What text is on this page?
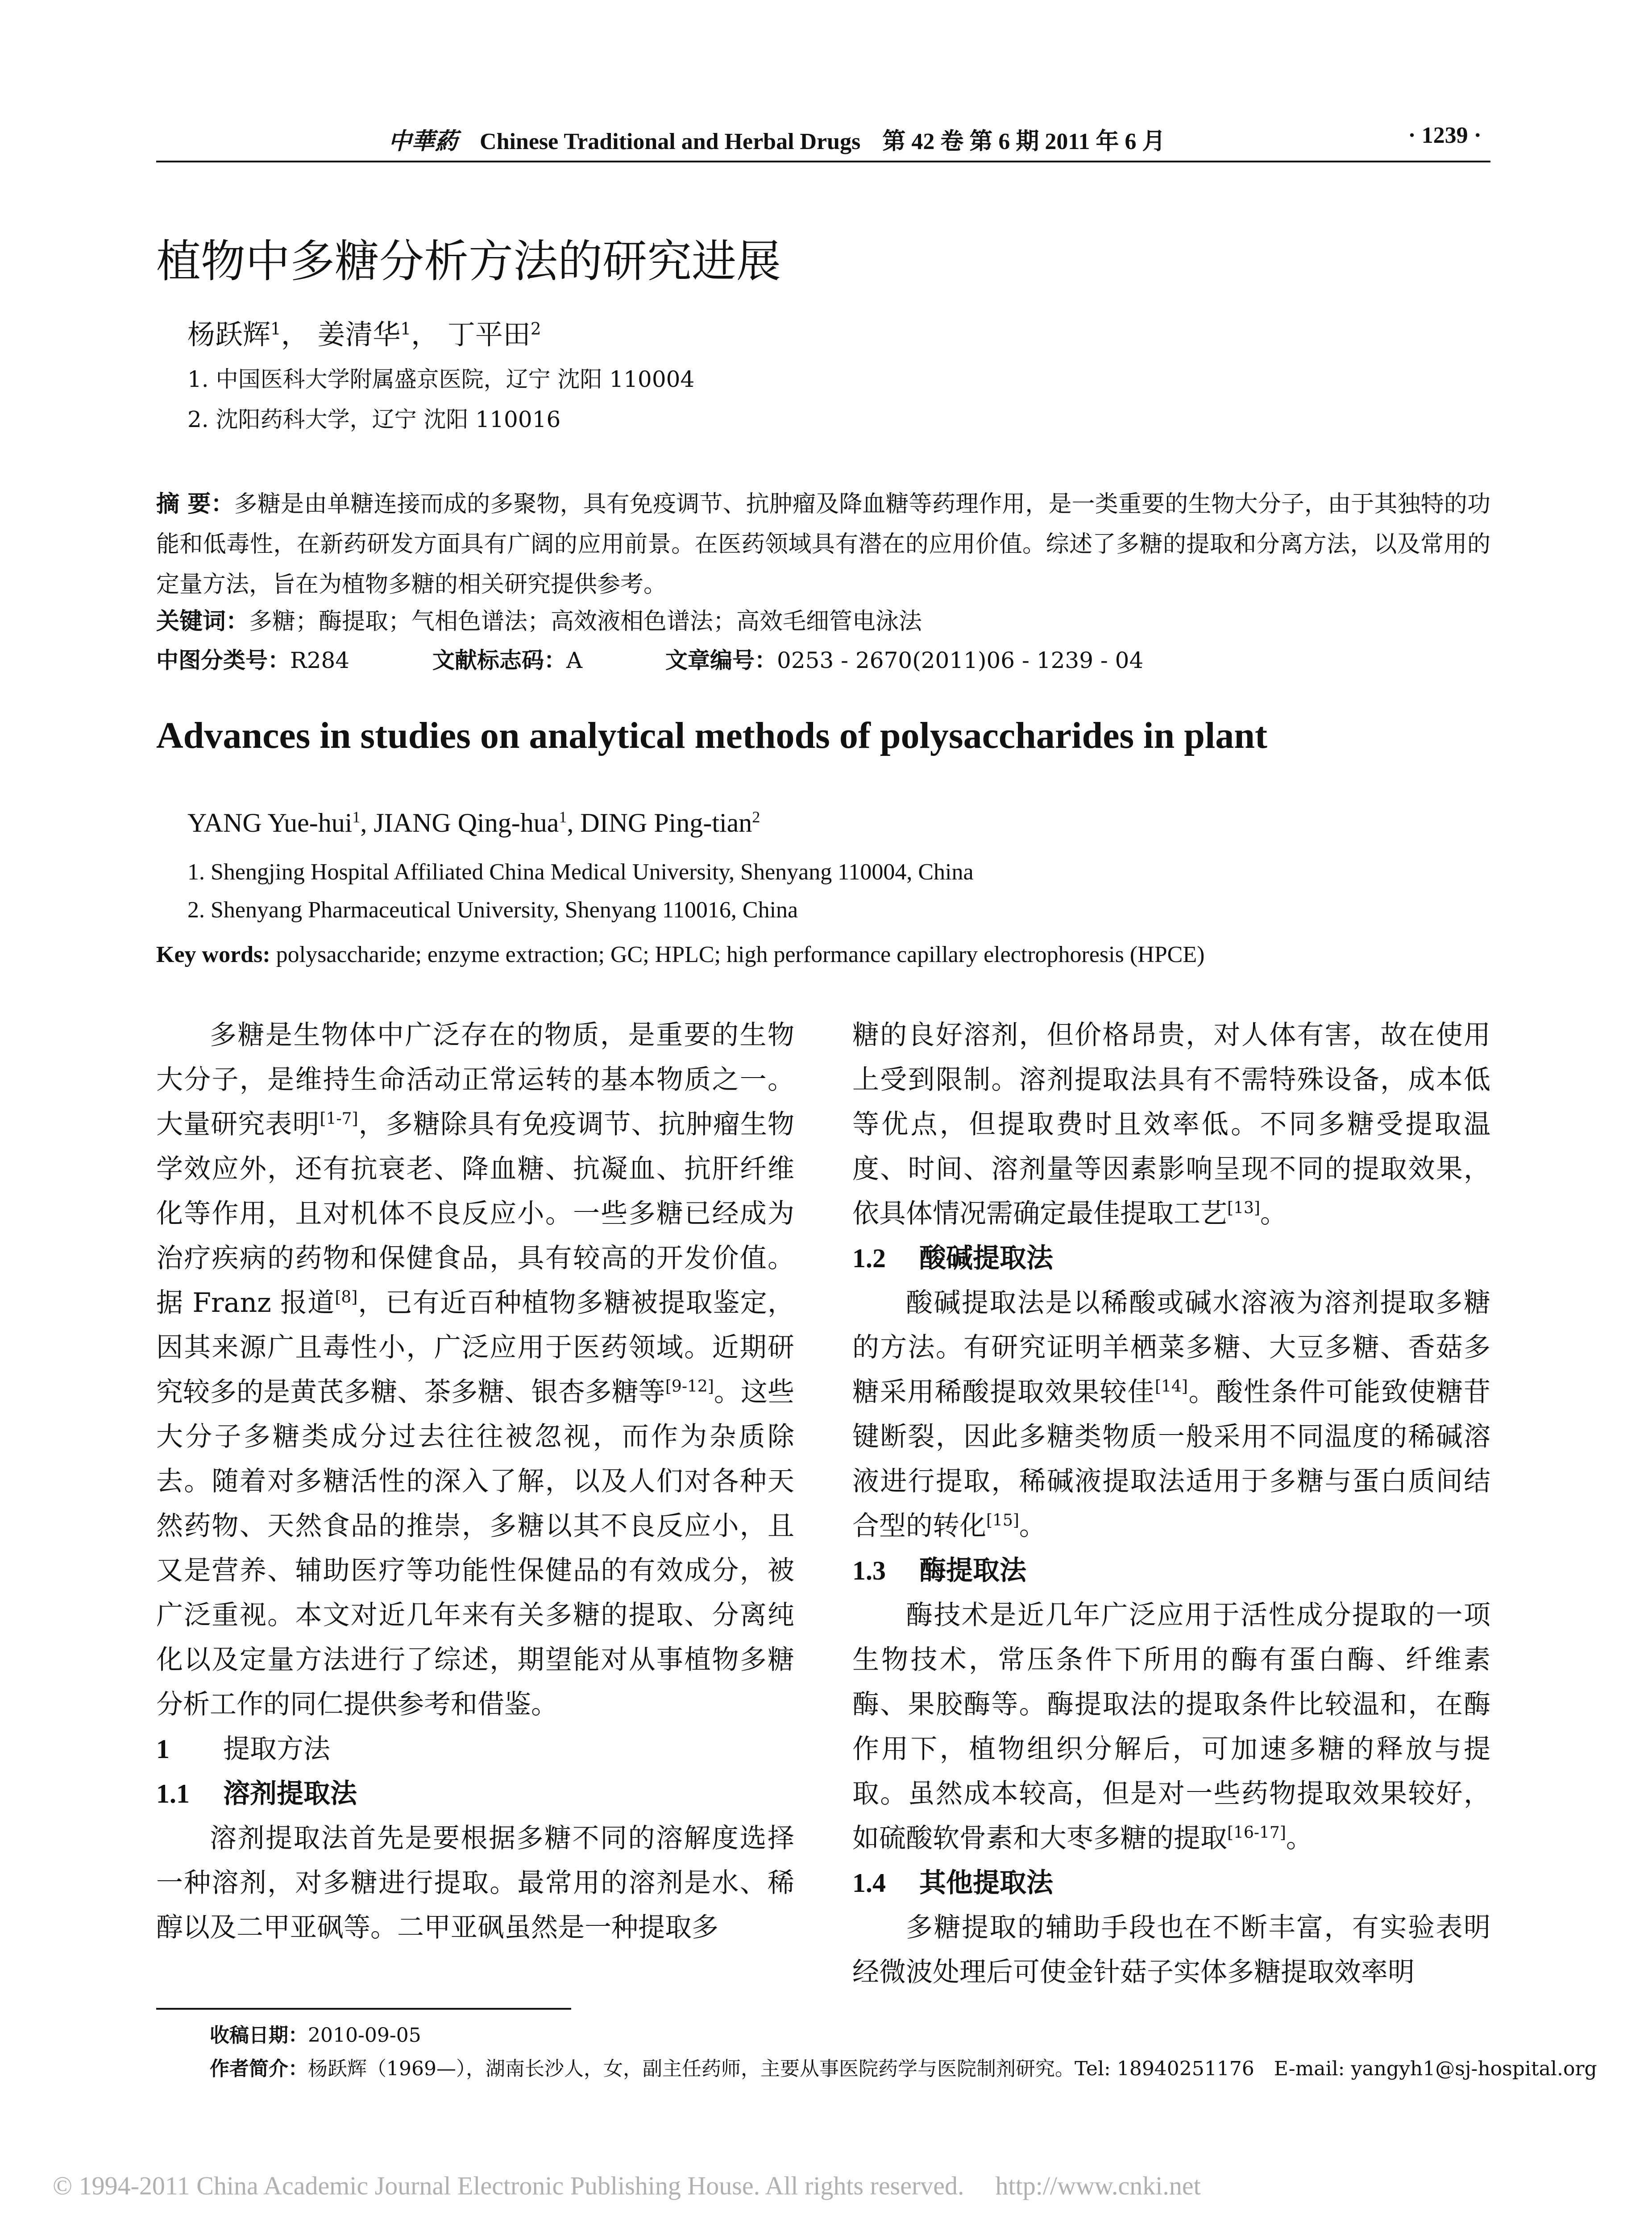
中華葯 Chinese Traditional and Herbal Drugs 第 42 卷 第 6 期 2011 年 6 月	· 1239 ·
植物中多糖分析方法的研究进展
杨跃辉$^1$， 姜清华$^1$， 丁平田$^2$
1. 中国医科大学附属盛京医院，辽宁 沈阳 110004
2. 沈阳药科大学，辽宁 沈阳 110016
摘 要：多糖是由单糖连接而成的多聚物，具有免疫调节、抗肿瘤及降血糖等药理作用，是一类重要的生物大分子，由于其独特的功能和低毒性，在新药研发方面具有广阔的应用前景。在医药领域具有潜在的应用价值。综述了多糖的提取和分离方法，以及常用的定量方法，旨在为植物多糖的相关研究提供参考。
关键词：多糖；酶提取；气相色谱法；高效液相色谱法；高效毛细管电泳法
中图分类号：R284	文献标志码：A	文章编号：0253 - 2670(2011)06 - 1239 - 04
Advances in studies on analytical methods of polysaccharides in plant
YANG Yue-hui$^1$, JIANG Qing-hua$^1$, DING Ping-tian$^2$
1. Shengjing Hospital Affiliated China Medical University, Shenyang 110004, China
2. Shenyang Pharmaceutical University, Shenyang 110016, China
Key words: polysaccharide; enzyme extraction; GC; HPLC; high performance capillary electrophoresis (HPCE)

多糖是生物体中广泛存在的物质，是重要的生物大分子，是维持生命活动正常运转的基本物质之一。大量研究表明[1-7]，多糖除具有免疫调节、抗肿瘤生物学效应外，还有抗衰老、降血糖、抗凝血、抗肝纤维化等作用，且对机体不良反应小。一些多糖已经成为治疗疾病的药物和保健食品，具有较高的开发价值。据 Franz 报道[8]，已有近百种植物多糖被提取鉴定，因其来源广且毒性小，广泛应用于医药领域。近期研究较多的是黄芪多糖、茶多糖、银杏多糖等[9-12]。这些大分子多糖类成分过去往往被忽视，而作为杂质除去。随着对多糖活性的深入了解，以及人们对各种天然药物、天然食品的推崇，多糖以其不良反应小，且又是营养、辅助医疗等功能性保健品的有效成分，被广泛重视。本文对近几年来有关多糖的提取、分离纯化以及定量方法进行了综述，期望能对从事植物多糖分析工作的同仁提供参考和借鉴。

1 提取方法
1.1 溶剂提取法

溶剂提取法首先是要根据多糖不同的溶解度选择一种溶剂，对多糖进行提取。最常用的溶剂是水、稀醇以及二甲亚砜等。二甲亚砜虽然是一种提取多

糖的良好溶剂，但价格昂贵，对人体有害，故在使用上受到限制。溶剂提取法具有不需特殊设备，成本低等优点，但提取费时且效率低。不同多糖受提取温度、时间、溶剂量等因素影响呈现不同的提取效果，依具体情况需确定最佳提取工艺[13]。

1.2 酸碱提取法

酸碱提取法是以稀酸或碱水溶液为溶剂提取多糖的方法。有研究证明羊栖菜多糖、大豆多糖、香菇多糖采用稀酸提取效果较佳[14]。酸性条件可能致使糖苷键断裂，因此多糖类物质一般采用不同温度的稀碱溶液进行提取，稀碱液提取法适用于多糖与蛋白质间结合型的转化[15]。

1.3 酶提取法

酶技术是近几年广泛应用于活性成分提取的一项生物技术，常压条件下所用的酶有蛋白酶、纤维素酶、果胶酶等。酶提取法的提取条件比较温和，在酶作用下，植物组织分解后，可加速多糖的释放与提取。虽然成本较高，但是对一些药物提取效果较好，如硫酸软骨素和大枣多糖的提取[16-17]。

1.4 其他提取法

多糖提取的辅助手段也在不断丰富，有实验表明经微波处理后可使金针菇子实体多糖提取效率明

收稿日期：2010-09-05
作者简介：杨跃辉（1969—），湖南长沙人，女，副主任药师，主要从事医院药学与医院制剂研究。Tel: 18940251176　E-mail: yangyh1@sj-hospital.org
© 1994-2011 China Academic Journal Electronic Publishing House. All rights reserved. http://www.cnki.net
